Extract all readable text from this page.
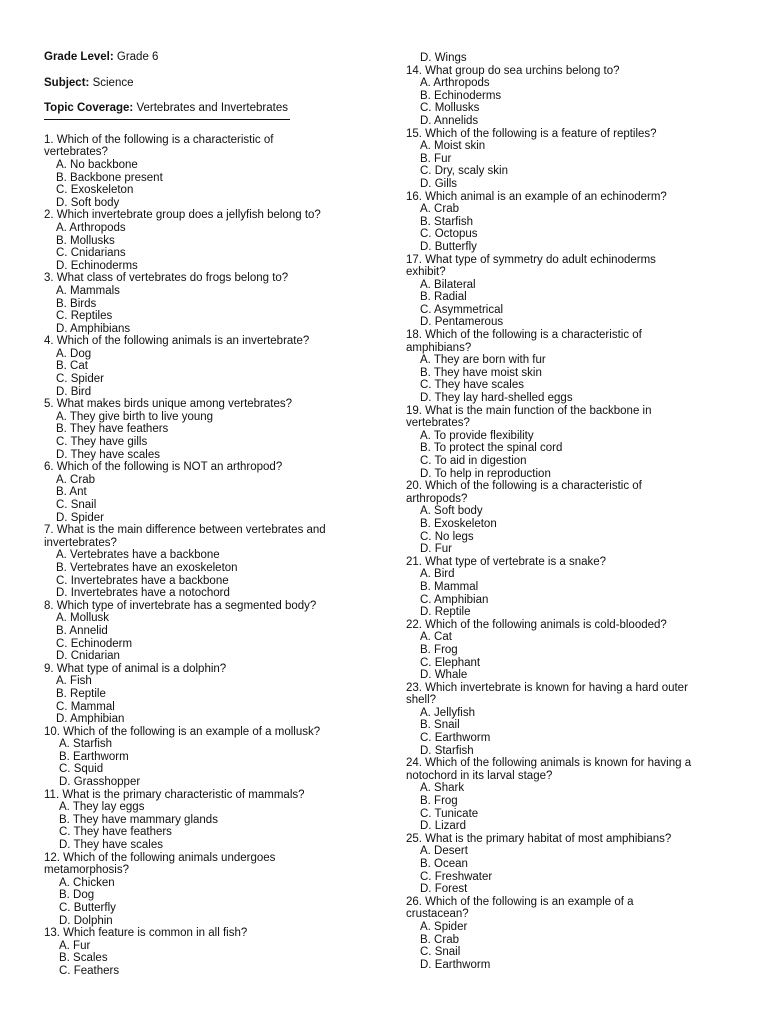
Grade Level: Grade 6

Subject: Science

Topic Coverage: Vertebrates and Invertebrates

1. Which of the following is a characteristic of

vertebrates?

A. No backbone

B. Backbone present

C. Exoskeleton

D. Soft body

2. Which invertebrate group does a jellyfish belong to?

A. Arthropods

B. Mollusks

C. Cnidarians

D. Echinoderms

3. What class of vertebrates do frogs belong to?

A. Mammals

B. Birds

C. Reptiles

D. Amphibians

4. Which of the following animals is an invertebrate?

A. Dog

B. Cat

C. Spider

D. Bird

5. What makes birds unique among vertebrates?

A. They give birth to live young

B. They have feathers

C. They have gills

D. They have scales

6. Which of the following is NOT an arthropod?

A. Crab

B. Ant

C. Snail

D. Spider

7. What is the main difference between vertebrates and

invertebrates?

A. Vertebrates have a backbone

B. Vertebrates have an exoskeleton

C. Invertebrates have a backbone

D. Invertebrates have a notochord

8. Which type of invertebrate has a segmented body?

A. Mollusk

B. Annelid

C. Echinoderm

D. Cnidarian

9. What type of animal is a dolphin?

A. Fish

B. Reptile

C. Mammal

D. Amphibian

10. Which of the following is an example of a mollusk?

A. Starfish

B. Earthworm

C. Squid

D. Grasshopper

11. What is the primary characteristic of mammals?

A. They lay eggs

B. They have mammary glands

C. They have feathers

D. They have scales

12. Which of the following animals undergoes

metamorphosis?

A. Chicken

B. Dog

C. Butterfly

D. Dolphin

13. Which feature is common in all fish?

A. Fur

B. Scales

C. Feathers

D. Wings

14. What group do sea urchins belong to?

A. Arthropods

B. Echinoderms

C. Mollusks

D. Annelids

15. Which of the following is a feature of reptiles?

A. Moist skin

B. Fur

C. Dry, scaly skin

D. Gills

16. Which animal is an example of an echinoderm?

A. Crab

B. Starfish

C. Octopus

D. Butterfly

17. What type of symmetry do adult echinoderms

exhibit?

A. Bilateral

B. Radial

C. Asymmetrical

D. Pentamerous

18. Which of the following is a characteristic of

amphibians?

A. They are born with fur

B. They have moist skin

C. They have scales

D. They lay hard-shelled eggs

19. What is the main function of the backbone in

vertebrates?

A. To provide flexibility

B. To protect the spinal cord

C. To aid in digestion

D. To help in reproduction

20. Which of the following is a characteristic of

arthropods?

A. Soft body

B. Exoskeleton

C. No legs

D. Fur

21. What type of vertebrate is a snake?

A. Bird

B. Mammal

C. Amphibian

D. Reptile

22. Which of the following animals is cold-blooded?

A. Cat

B. Frog

C. Elephant

D. Whale

23. Which invertebrate is known for having a hard outer

shell?

A. Jellyfish

B. Snail

C. Earthworm

D. Starfish

24. Which of the following animals is known for having a

notochord in its larval stage?

A. Shark

B. Frog

C. Tunicate

D. Lizard

25. What is the primary habitat of most amphibians?

A. Desert

B. Ocean

C. Freshwater

D. Forest

26. Which of the following is an example of a

crustacean?

A. Spider

B. Crab

C. Snail

D. Earthworm
